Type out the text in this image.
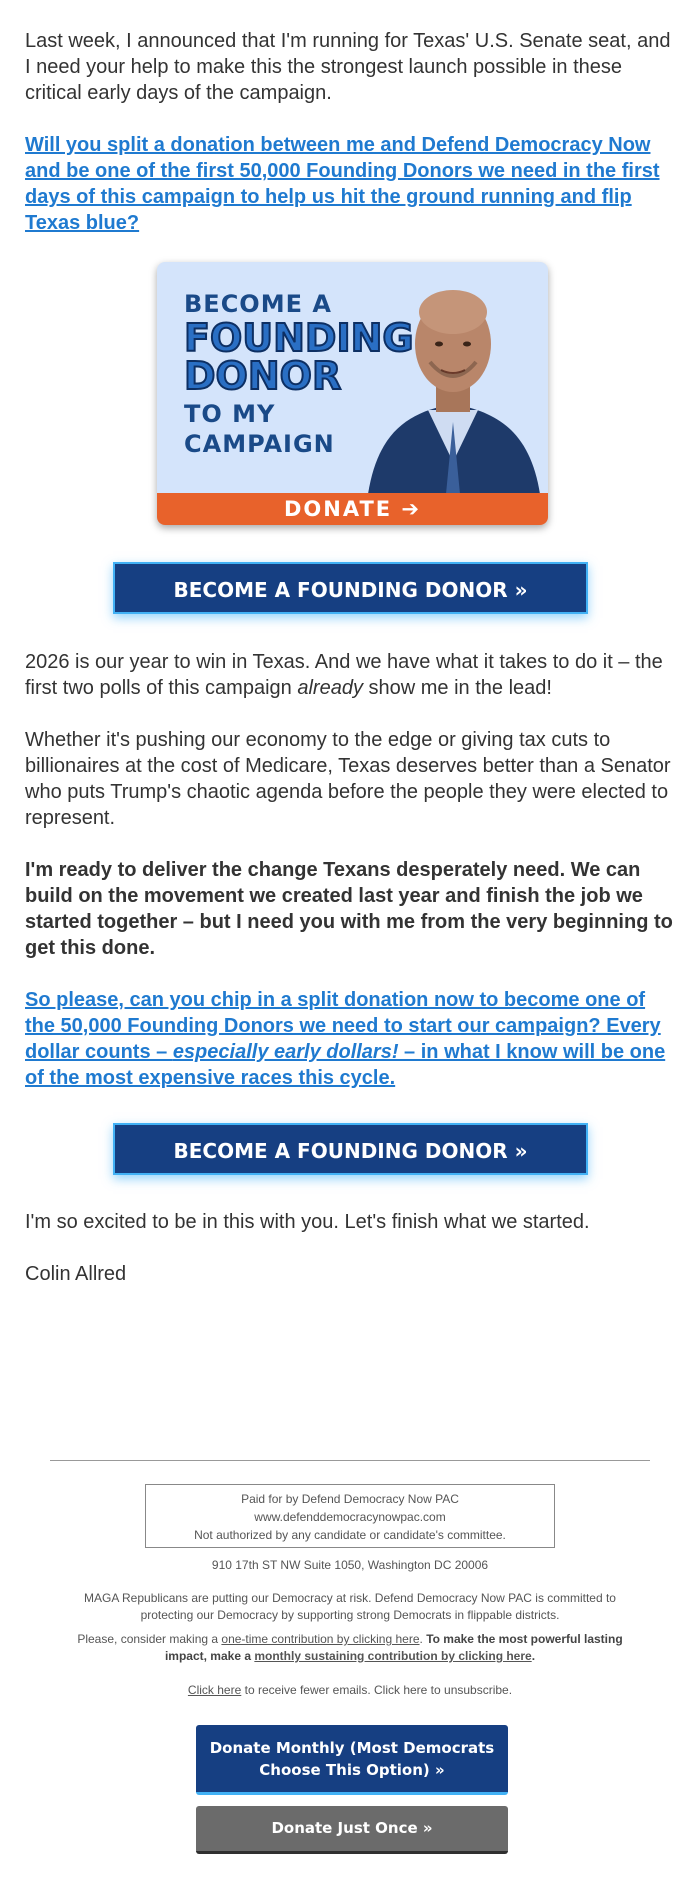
Last week, I announced that I'm running for Texas' U.S. Senate seat, and I need your help to make this the strongest launch possible in these critical early days of the campaign.

Will you split a donation between me and Defend Democracy Now and be one of the first 50,000 Founding Donors we need in the first days of this campaign to help us hit the ground running and flip Texas blue?
BECOME A
FOUNDING
DONOR
TO MY
CAMPAIGN
DONATE ➔
BECOME A FOUNDING DONOR »

2026 is our year to win in Texas. And we have what it takes to do it – the first two polls of this campaign already show me in the lead!

Whether it's pushing our economy to the edge or giving tax cuts to billionaires at the cost of Medicare, Texas deserves better than a Senator who puts Trump's chaotic agenda before the people they were elected to represent.

I'm ready to deliver the change Texans desperately need. We can build on the movement we created last year and finish the job we started together – but I need you with me from the very beginning to get this done.

So please, can you chip in a split donation now to become one of the 50,000 Founding Donors we need to start our campaign? Every dollar counts – especially early dollars! – in what I know will be one of the most expensive races this cycle.
BECOME A FOUNDING DONOR »

I'm so excited to be in this with you. Let's finish what we started.

Colin Allred

Paid for by Defend Democracy Now PAC
www.defenddemocracynowpac.com
Not authorized by any candidate or candidate's committee.
910 17th ST NW Suite 1050, Washington DC 20006
MAGA Republicans are putting our Democracy at risk. Defend Democracy Now PAC is committed to protecting our Democracy by supporting strong Democrats in flippable districts.
Please, consider making a one-time contribution by clicking here. To make the most powerful lasting impact, make a monthly sustaining contribution by clicking here.
Click here to receive fewer emails. Click here to unsubscribe.
Donate Monthly (Most Democrats
Choose This Option) »
Donate Just Once »
